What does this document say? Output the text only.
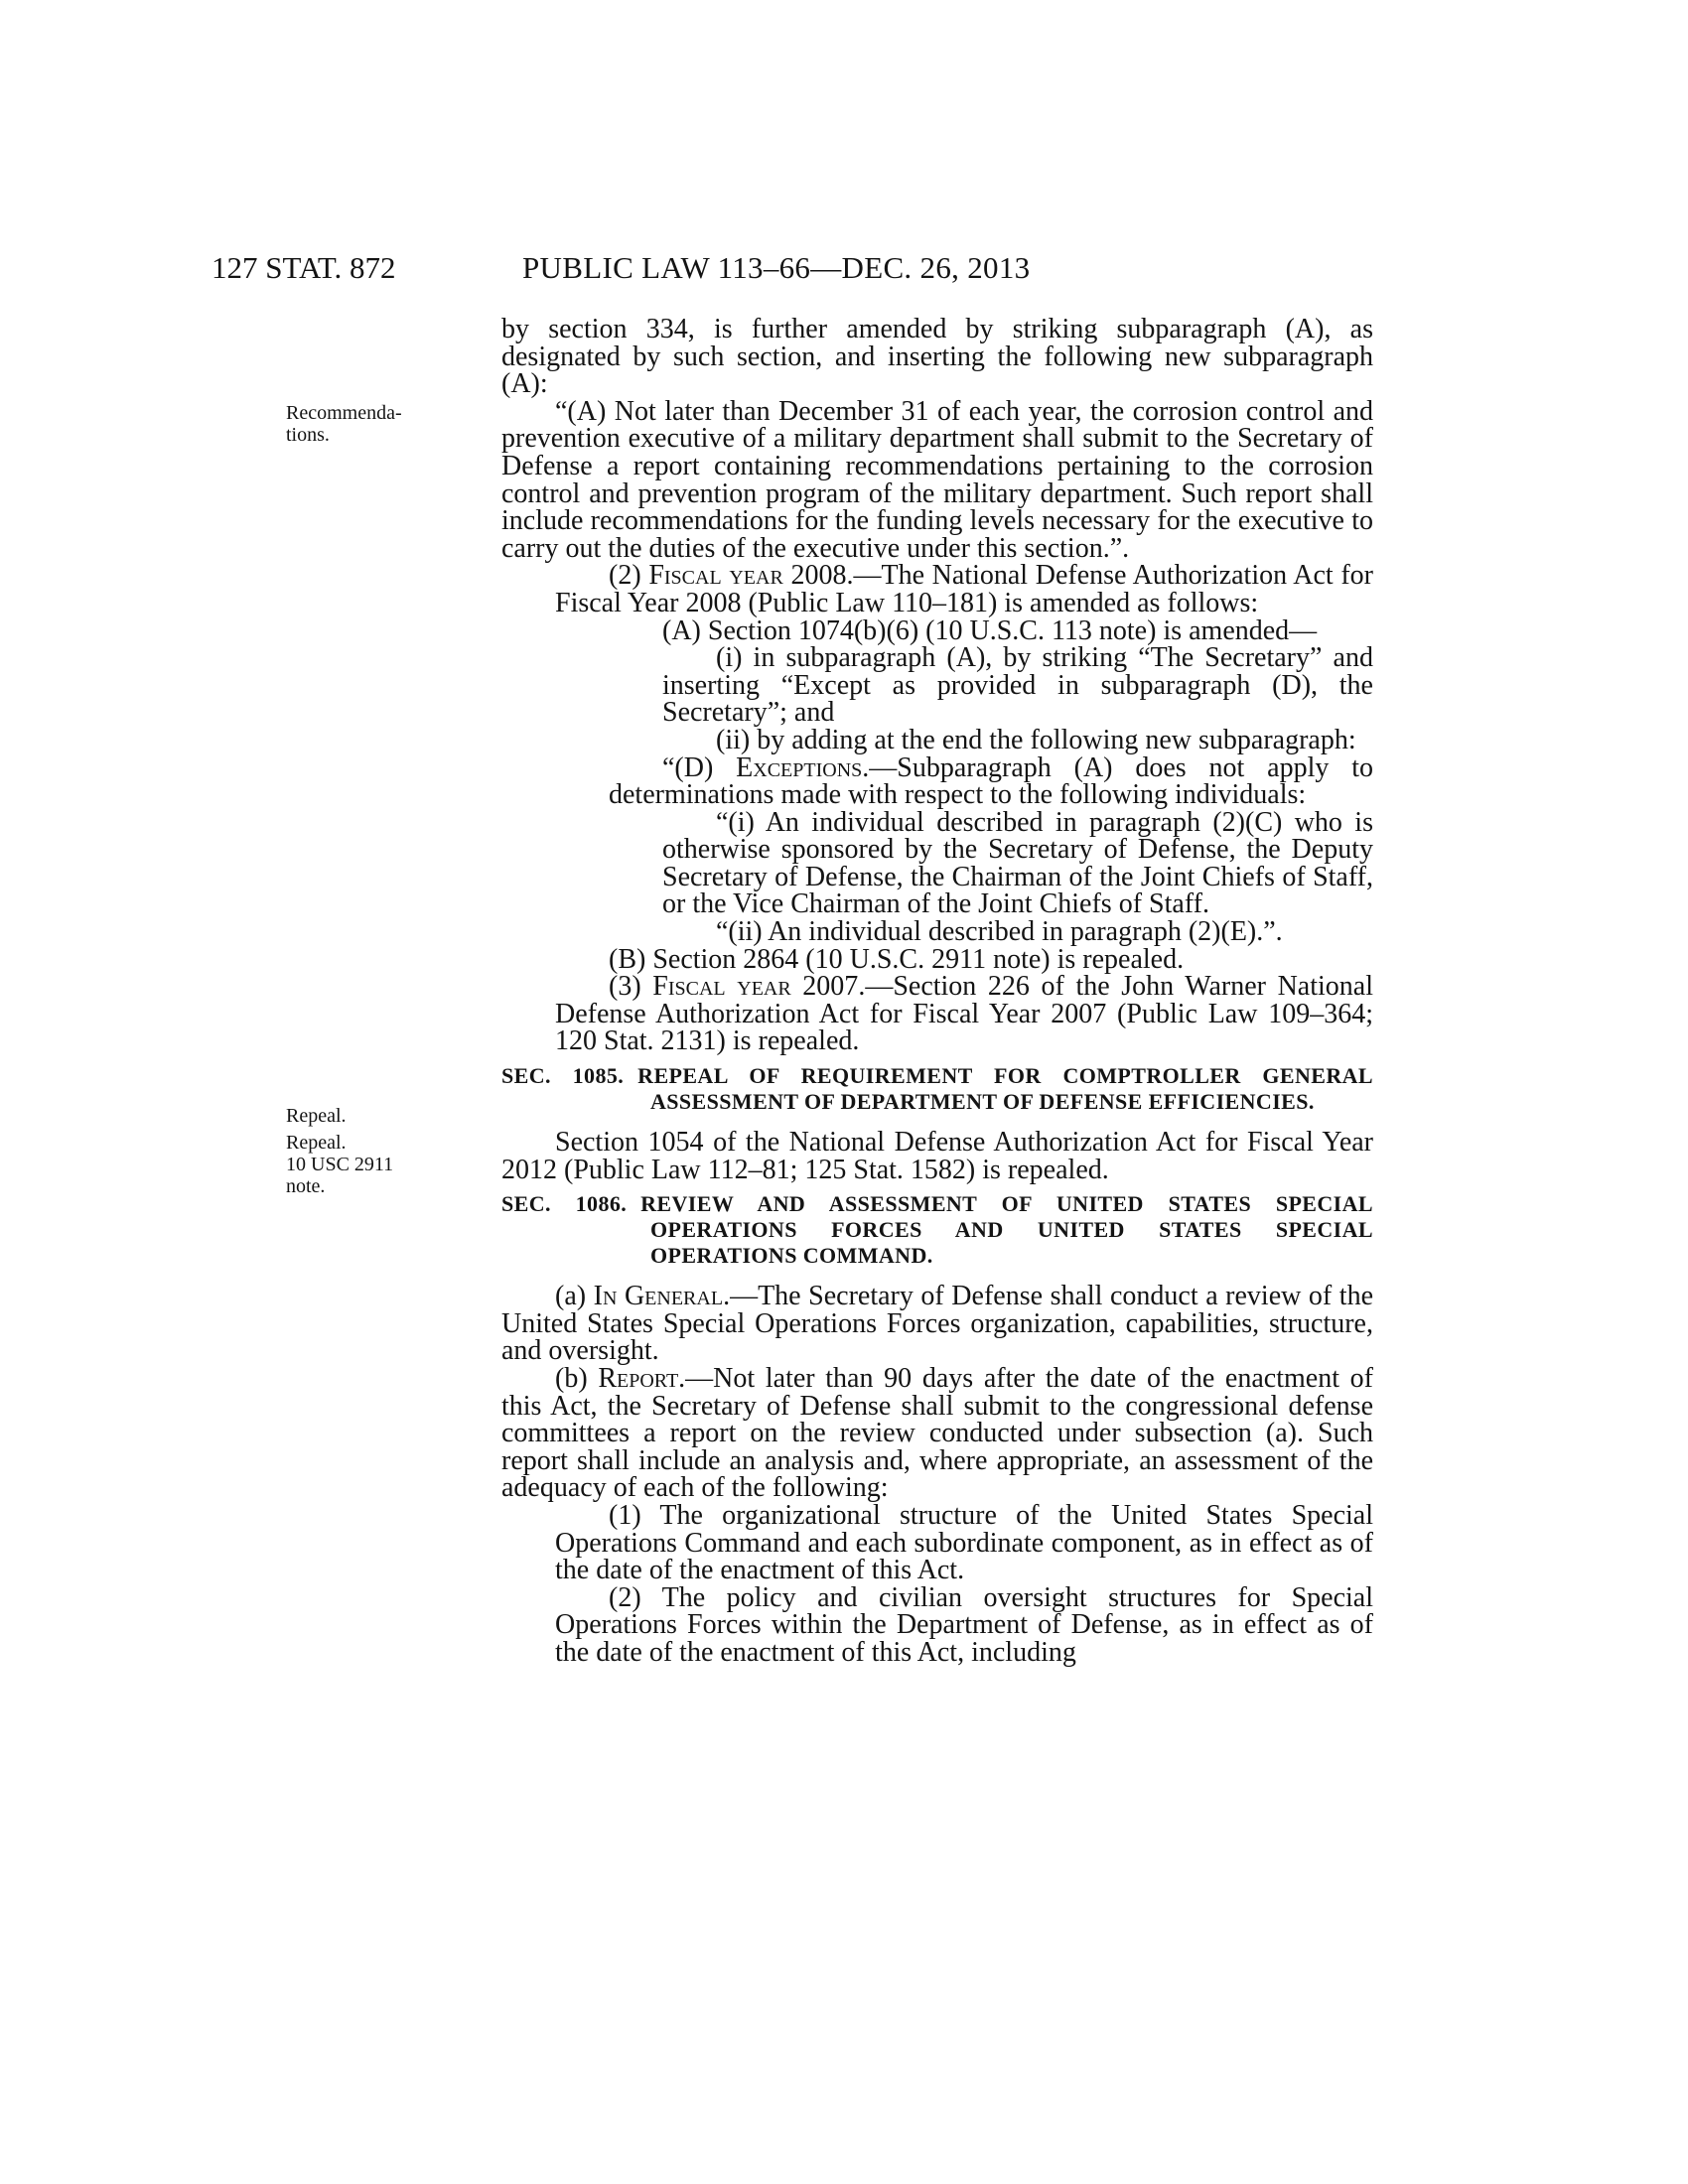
127 STAT. 872	PUBLIC LAW 113–66—DEC. 26, 2013
Recommenda-
tions.
Repeal.
Repeal.
10 USC 2911
note.

by section 334, is further amended by striking subparagraph (A), as designated by such section, and inserting the following new subparagraph (A):

“(A) Not later than December 31 of each year, the corrosion control and prevention executive of a military department shall submit to the Secretary of Defense a report containing recommendations pertaining to the corrosion control and prevention program of the military department. Such report shall include recommendations for the funding levels necessary for the executive to carry out the duties of the executive under this section.”.

(2) Fiscal year 2008.—The National Defense Authorization Act for Fiscal Year 2008 (Public Law 110–181) is amended as follows:

(A) Section 1074(b)(6) (10 U.S.C. 113 note) is amended—

(i) in subparagraph (A), by striking “The Secretary” and inserting “Except as provided in subparagraph (D), the Secretary”; and

(ii) by adding at the end the following new subparagraph:

“(D) Exceptions.—Subparagraph (A) does not apply to determinations made with respect to the following individuals:

“(i) An individual described in paragraph (2)(C) who is otherwise sponsored by the Secretary of Defense, the Deputy Secretary of Defense, the Chairman of the Joint Chiefs of Staff, or the Vice Chairman of the Joint Chiefs of Staff.

“(ii) An individual described in paragraph (2)(E).”.

(B) Section 2864 (10 U.S.C. 2911 note) is repealed.

(3) Fiscal year 2007.—Section 226 of the John Warner National Defense Authorization Act for Fiscal Year 2007 (Public Law 109–364; 120 Stat. 2131) is repealed.

SEC. 1085. REPEAL OF REQUIREMENT FOR COMPTROLLER GENERAL ASSESSMENT OF DEPARTMENT OF DEFENSE EFFICIENCIES.

Section 1054 of the National Defense Authorization Act for Fiscal Year 2012 (Public Law 112–81; 125 Stat. 1582) is repealed.

SEC. 1086. REVIEW AND ASSESSMENT OF UNITED STATES SPECIAL OPERATIONS FORCES AND UNITED STATES SPECIAL OPERATIONS COMMAND.

(a) In General.—The Secretary of Defense shall conduct a review of the United States Special Operations Forces organization, capabilities, structure, and oversight.

(b) Report.—Not later than 90 days after the date of the enactment of this Act, the Secretary of Defense shall submit to the congressional defense committees a report on the review conducted under subsection (a). Such report shall include an analysis and, where appropriate, an assessment of the adequacy of each of the following:

(1) The organizational structure of the United States Special Operations Command and each subordinate component, as in effect as of the date of the enactment of this Act.

(2) The policy and civilian oversight structures for Special Operations Forces within the Department of Defense, as in effect as of the date of the enactment of this Act, including
